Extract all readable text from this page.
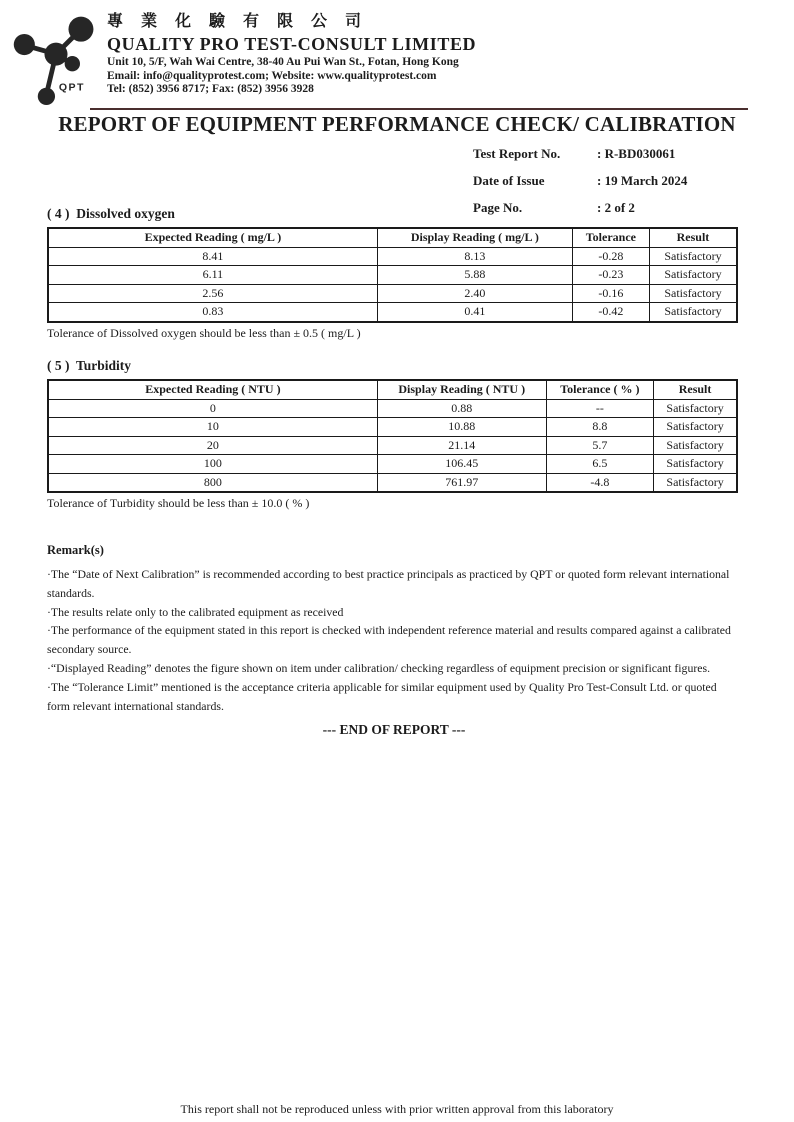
QPT
專 業 化 驗 有 限 公 司
QUALITY PRO TEST-CONSULT LIMITED
Unit 10, 5/F, Wah Wai Centre, 38-40 Au Pui Wan St., Fotan, Hong Kong
Email: info@qualityprotest.com; Website: www.qualityprotest.com
Tel: (852) 3956 8717; Fax: (852) 3956 3928
REPORT OF EQUIPMENT PERFORMANCE CHECK/ CALIBRATION
Test Report No.	: R-BD030061
Date of Issue	: 19 March 2024
Page No.	: 2 of 2
( 4 )  Dissolved oxygen
Expected Reading ( mg/L )	Display Reading ( mg/L )	Tolerance	Result
8.41	8.13	-0.28	Satisfactory
6.11	5.88	-0.23	Satisfactory
2.56	2.40	-0.16	Satisfactory
0.83	0.41	-0.42	Satisfactory
Tolerance of Dissolved oxygen should be less than ± 0.5 ( mg/L )
( 5 )  Turbidity
Expected Reading ( NTU )	Display Reading ( NTU )	Tolerance ( % )	Result
0	0.88	--	Satisfactory
10	10.88	8.8	Satisfactory
20	21.14	5.7	Satisfactory
100	106.45	6.5	Satisfactory
800	761.97	-4.8	Satisfactory
Tolerance of Turbidity should be less than ± 10.0 ( % )
Remark(s)
·The “Date of Next Calibration” is recommended according to best practice principals as practiced by QPT or quoted form relevant international standards.
·The results relate only to the calibrated equipment as received
·The performance of the equipment stated in this report is checked with independent reference material and results compared against a calibrated secondary source.
·“Displayed Reading” denotes the figure shown on item under calibration/ checking regardless of equipment precision or significant figures.
·The “Tolerance Limit” mentioned is the acceptance criteria applicable for similar equipment used by Quality Pro Test-Consult Ltd. or quoted form relevant international standards.
--- END OF REPORT ---
This report shall not be reproduced unless with prior written approval from this laboratory
